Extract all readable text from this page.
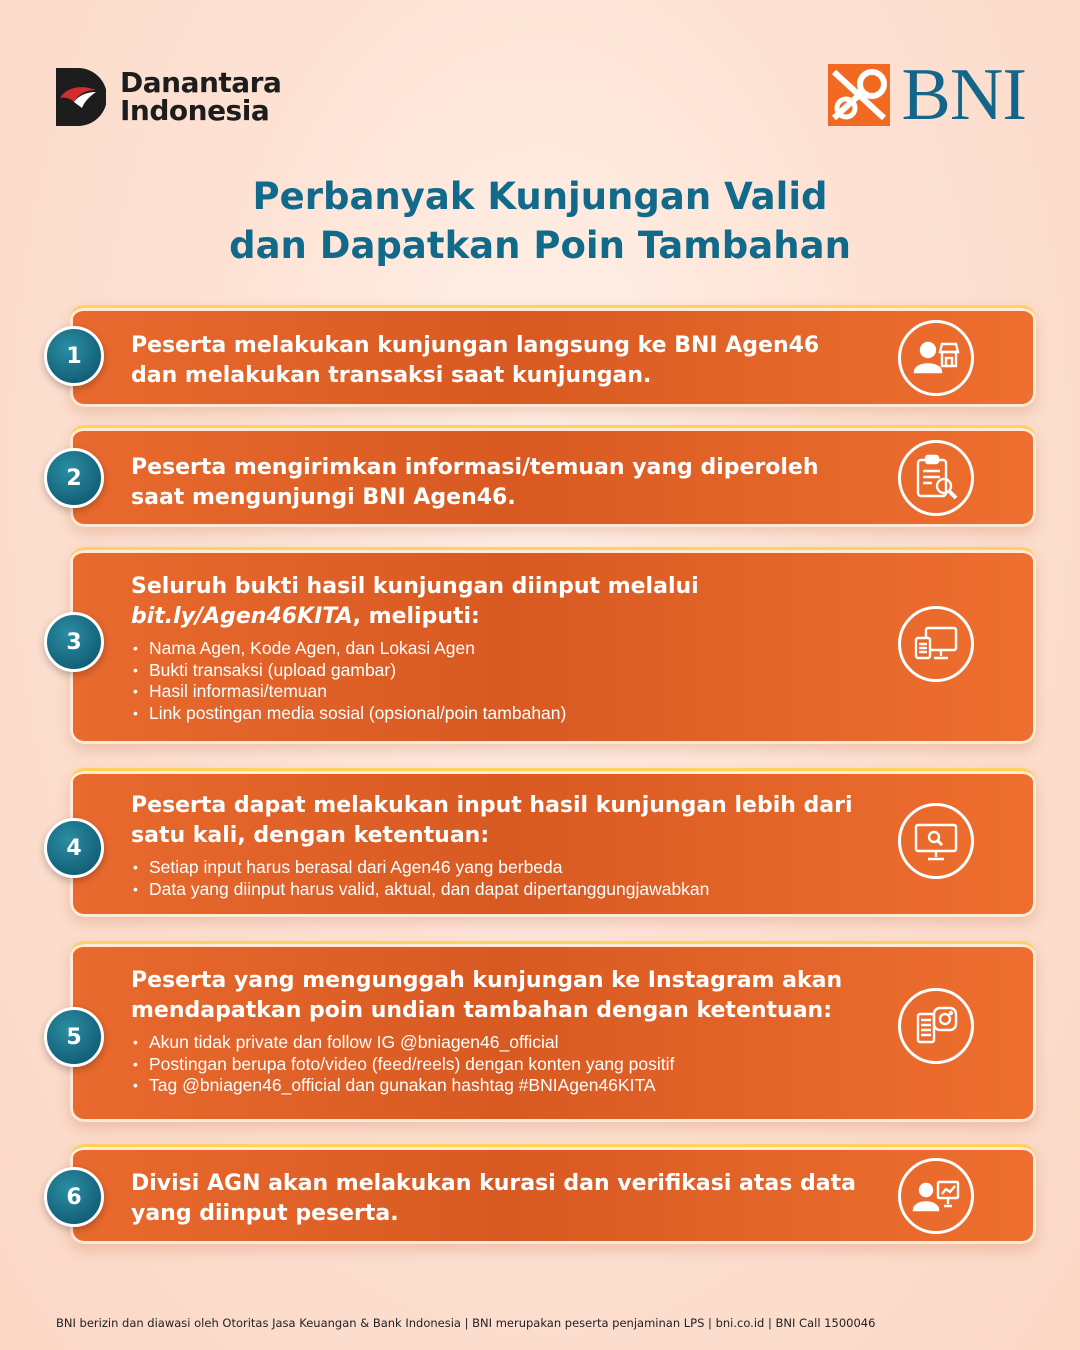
Danantara
Indonesia	BNI
Perbanyak Kunjungan Valid
dan Dapatkan Poin Tambahan
1	Peserta melakukan kunjungan langsung ke BNI Agen46 dan melakukan transaksi saat kunjungan.
2	Peserta mengirimkan informasi/temuan yang diperoleh saat mengunjungi BNI Agen46.
3
Seluruh bukti hasil kunjungan diinput melalui
bit.ly/Agen46KITA, meliputi:
• Nama Agen, Kode Agen, dan Lokasi Agen
• Bukti transaksi (upload gambar)
• Hasil informasi/temuan
• Link postingan media sosial (opsional/poin tambahan)
4
Peserta dapat melakukan input hasil kunjungan lebih dari satu kali, dengan ketentuan:
• Setiap input harus berasal dari Agen46 yang berbeda
• Data yang diinput harus valid, aktual, dan dapat dipertanggungjawabkan
5
Peserta yang mengunggah kunjungan ke Instagram akan mendapatkan poin undian tambahan dengan ketentuan:
• Akun tidak private dan follow IG @bniagen46_official
• Postingan berupa foto/video (feed/reels) dengan konten yang positif
• Tag @bniagen46_official dan gunakan hashtag #BNIAgen46KITA
6
Divisi AGN akan melakukan kurasi dan verifikasi atas data yang diinput peserta.
BNI berizin dan diawasi oleh Otoritas Jasa Keuangan & Bank Indonesia | BNI merupakan peserta penjaminan LPS | bni.co.id | BNI Call 1500046
